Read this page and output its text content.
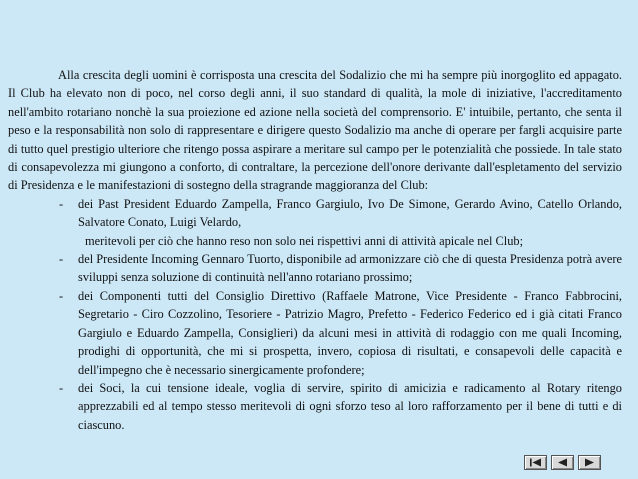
Alla crescita degli uomini è corrisposta una crescita del Sodalizio che mi ha sempre più inorgoglito ed appagato. Il Club ha elevato non di poco, nel corso degli anni, il suo standard di qualità, la mole di iniziative, l'accreditamento nell'ambito rotariano nonchè la sua proiezione ed azione nella società del comprensorio. E' intuibile, pertanto, che senta il peso e la responsabilità non solo di rappresentare e dirigere questo Sodalizio ma anche di operare per fargli acquisire parte di tutto quel prestigio ulteriore che ritengo possa aspirare a meritare sul campo per le potenzialità che possiede. In tale stato di consapevolezza mi giungono a conforto, di contraltare, la percezione dell'onore derivante dall'espletamento del servizio di Presidenza e le manifestazioni di sostegno della stragrande maggioranza del Club:

- dei Past President Eduardo Zampella, Franco Gargiulo, Ivo De Simone, Gerardo Avino, Catello Orlando, Salvatore Conato, Luigi Velardo,

meritevoli per ciò che hanno reso non solo nei rispettivi anni di attività apicale nel Club;

- del Presidente Incoming Gennaro Tuorto, disponibile ad armonizzare ciò che di questa Presidenza potrà avere sviluppi senza soluzione di continuità nell'anno rotariano prossimo;

- dei Componenti tutti del Consiglio Direttivo (Raffaele Matrone, Vice Presidente - Franco Fabbrocini, Segretario - Ciro Cozzolino, Tesoriere - Patrizio Magro, Prefetto - Federico Federico ed i già citati Franco Gargiulo e Eduardo Zampella, Consiglieri) da alcuni mesi in attività di rodaggio con me quali Incoming, prodighi di opportunità, che mi si prospetta, invero, copiosa di risultati, e consapevoli delle capacità e dell'impegno che è necessario sinergicamente profondere;

- dei Soci, la cui tensione ideale, voglia di servire, spirito di amicizia e radicamento al Rotary ritengo apprezzabili ed al tempo stesso meritevoli di ogni sforzo teso al loro rafforzamento per il bene di tutti e di ciascuno.
